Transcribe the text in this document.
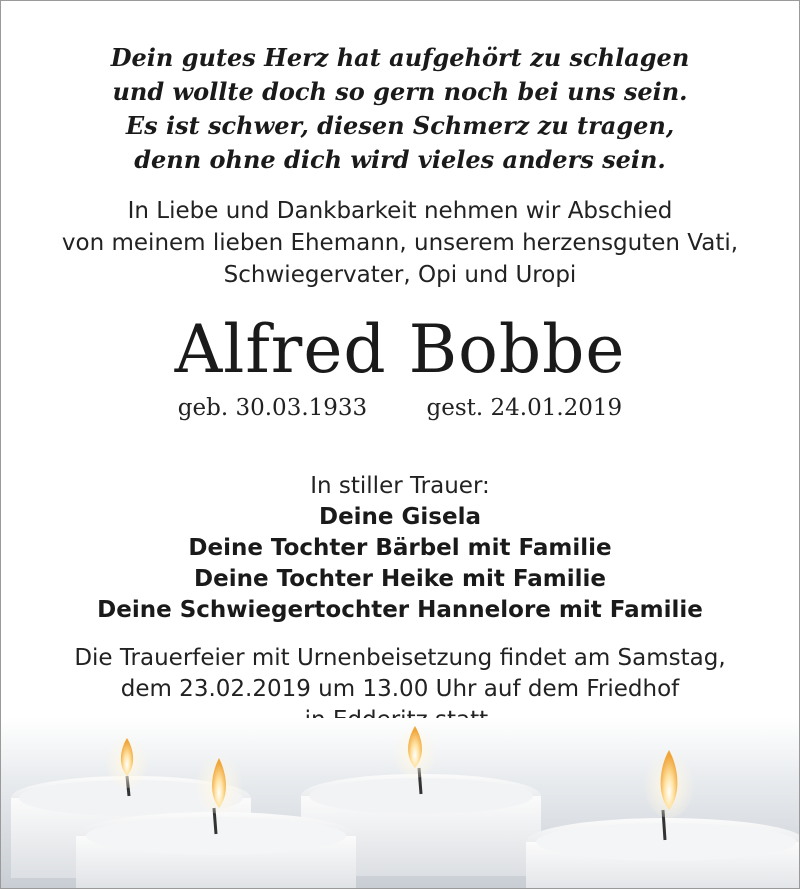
Dein gutes Herz hat aufgehört zu schlagen
und wollte doch so gern noch bei uns sein.
Es ist schwer, diesen Schmerz zu tragen,
denn ohne dich wird vieles anders sein.
In Liebe und Dankbarkeit nehmen wir Abschied
von meinem lieben Ehemann, unserem herzensguten Vati,
Schwiegervater, Opi und Uropi
Alfred Bobbe
geb. 30.03.1933	gest. 24.01.2019
In stiller Trauer:
Deine Gisela
Deine Tochter Bärbel mit Familie
Deine Tochter Heike mit Familie
Deine Schwiegertochter Hannelore mit Familie
Die Trauerfeier mit Urnenbeisetzung findet am Samstag,
dem 23.02.2019 um 13.00 Uhr auf dem Friedhof
